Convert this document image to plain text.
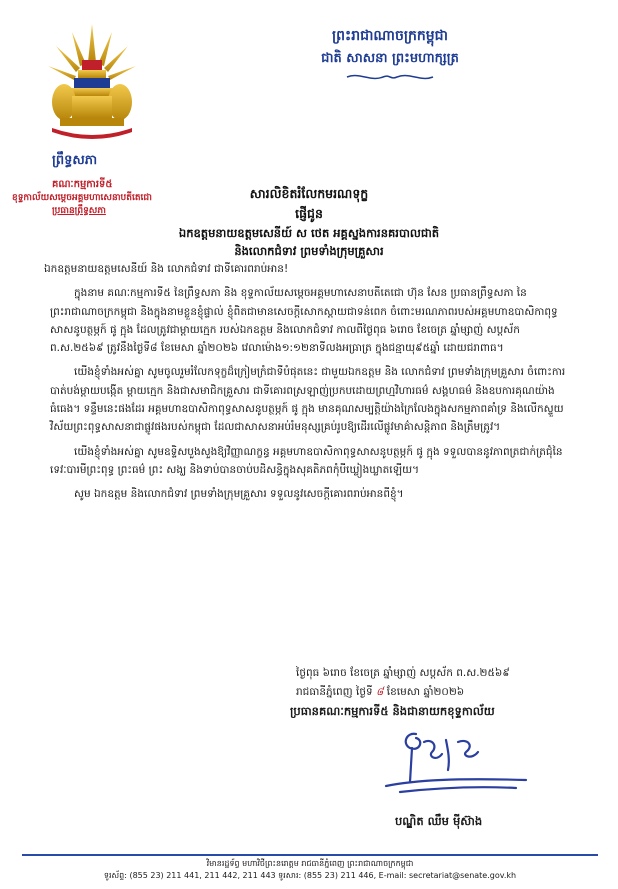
ព្រះរាជាណាចក្រកម្ពុជា
ជាតិ សាសនា ព្រះមហាក្សត្រ
ព្រឹទ្ធសភា
គណៈកម្មការទី៥
ខុទ្ទកាល័យសម្ដេចអគ្គមហាសេនាបតីតេជោ
ប្រធានព្រឹទ្ធសភា
សារលិខិតរំលែកមរណទុក្ខ
ផ្ញើជូន
ឯកឧត្ដមនាយឧត្ដមសេនីយ៍ ស ថេត អគ្គស្នងការនគរបាលជាតិ
និងលោកជំទាវ ព្រមទាំងក្រុមគ្រួសារ
ឯកឧត្ដមនាយឧត្ដមសេនីយ៍ និង លោកជំទាវ ជាទីគោរពរាប់អាន!

ក្នុងនាម គណៈកម្មការទី៥ នៃព្រឹទ្ធសភា និង ខុទ្ទកាល័យសម្ដេចអគ្គមហាសេនាបតីតេជោ ហ៊ុន សែន ប្រធានព្រឹទ្ធសភា នៃព្រះរាជាណាចក្រកម្ពុជា និងក្នុងនាមខ្លួនខ្ញុំផ្ទាល់ ខ្ញុំពិតជាមានសេចក្ដីសោកស្ដាយជាទន់ពេក ចំពោះមរណភាពរបស់អគ្គមហាឧបាសិកាពុទ្ធសាសនូបត្ថម្ភក៍ ផូ ក្អុង ដែលត្រូវជាម្ដាយក្មេក របស់ឯកឧត្ដម និងលោកជំទាវ កាលពីថ្ងៃពុធ ៦រោច ខែចេត្រ ឆ្នាំម្សាញ់ សប្ដស័ក ព.ស.២៥៦៩ ត្រូវនឹងថ្ងៃទី៨ ខែមេសា ឆ្នាំ២០២៦ វេលាម៉ោង១:១២នាទីលងអធ្រាត្រ ក្នុងជន្មាយុ៩៥ឆ្នាំ ដោយជរាពាធ។

យើងខ្ញុំទាំងអស់គ្នា សូមចូលរួមរំលែកទុក្ខដ៏ក្រៀមក្រំជាទីបំផុតនេះ ជាមួយឯកឧត្ដម និង លោកជំទាវ ព្រមទាំងក្រុមគ្រួសារ ចំពោះការបាត់បង់ម្ដាយបង្កើត ម្ដាយក្មេក និងជាសមាជិកគ្រួសារ ជាទីគោរពស្រឡាញ់ប្រកបដោយព្រហ្មវិហារធម៌ សង្គហធម៌ និងឧបការគុណយ៉ាងធំធេង។ ទន្ទឹមនេះផងដែរ អគ្គមហាឧបាសិកាពុទ្ធសាសនូបត្ថម្ភក៍ ផូ ក្អុង មានគុណសម្បត្តិយ៉ាងក្រៃលែងក្នុងសកម្មភាពគាំទ្រ និងលើកស្ទួយវិស័យព្រះពុទ្ធសាសនាជាផ្លូវផងរបស់កម្ពុជា ដែលជាសាសនាអប់រំមនុស្សគ្រប់រូបឱ្យដើរលើផ្លូវមាគ៌ាសន្តិភាព និងត្រឹមត្រូវ។

យើងខ្ញុំទាំងអស់គ្នា សូមឧទ្ទិសបួងសួងឱ្យវិញ្ញាណក្ខន្ធ អគ្គមហាឧបាសិកាពុទ្ធសាសនូបត្ថម្ភក៍ ផូ ក្អុង ទទួលបាននូវភាពត្រជាក់ត្រជុំនៃទេវៈបារមីព្រះពុទ្ធ ព្រះធម៌ ព្រះ សង្ឃ និងទាប់បានចាប់បដិសន្ធិក្នុងសុគតិភពកុំបីឃ្លៀងឃ្លាតឡើយ។

សូម ឯកឧត្ដម និងលោកជំទាវ ព្រមទាំងក្រុមគ្រួសារ ទទួលនូវសេចក្ដីគោរពរាប់អានពីខ្ញុំ។

ថ្ងៃពុធ ៦រោច ខែចេត្រ ឆ្នាំម្សាញ់ សប្ដស័ក ព.ស.២៥៦៩
រាជធានីភ្នំពេញ ថ្ងៃទី ៨ ខែមេសា ឆ្នាំ២០២៦
ប្រធានគណៈកម្មការទី៥ និងជានាយកខុទ្ទកាល័យ
បណ្ឌិត ឈឹម ម៉ីស៊ាង
វិមានរដ្ឋទ័ព្ធ មហាវិថីព្រះនរោត្ដម រាជធានីភ្នំពេញ ព្រះរាជាណាចក្រកម្ពុជា
ទូរស័ព្ទ: (855 23) 211 441, 211 442, 211 443 ទូរសារ: (855 23) 211 446, E-mail: secretariat@senate.gov.kh
